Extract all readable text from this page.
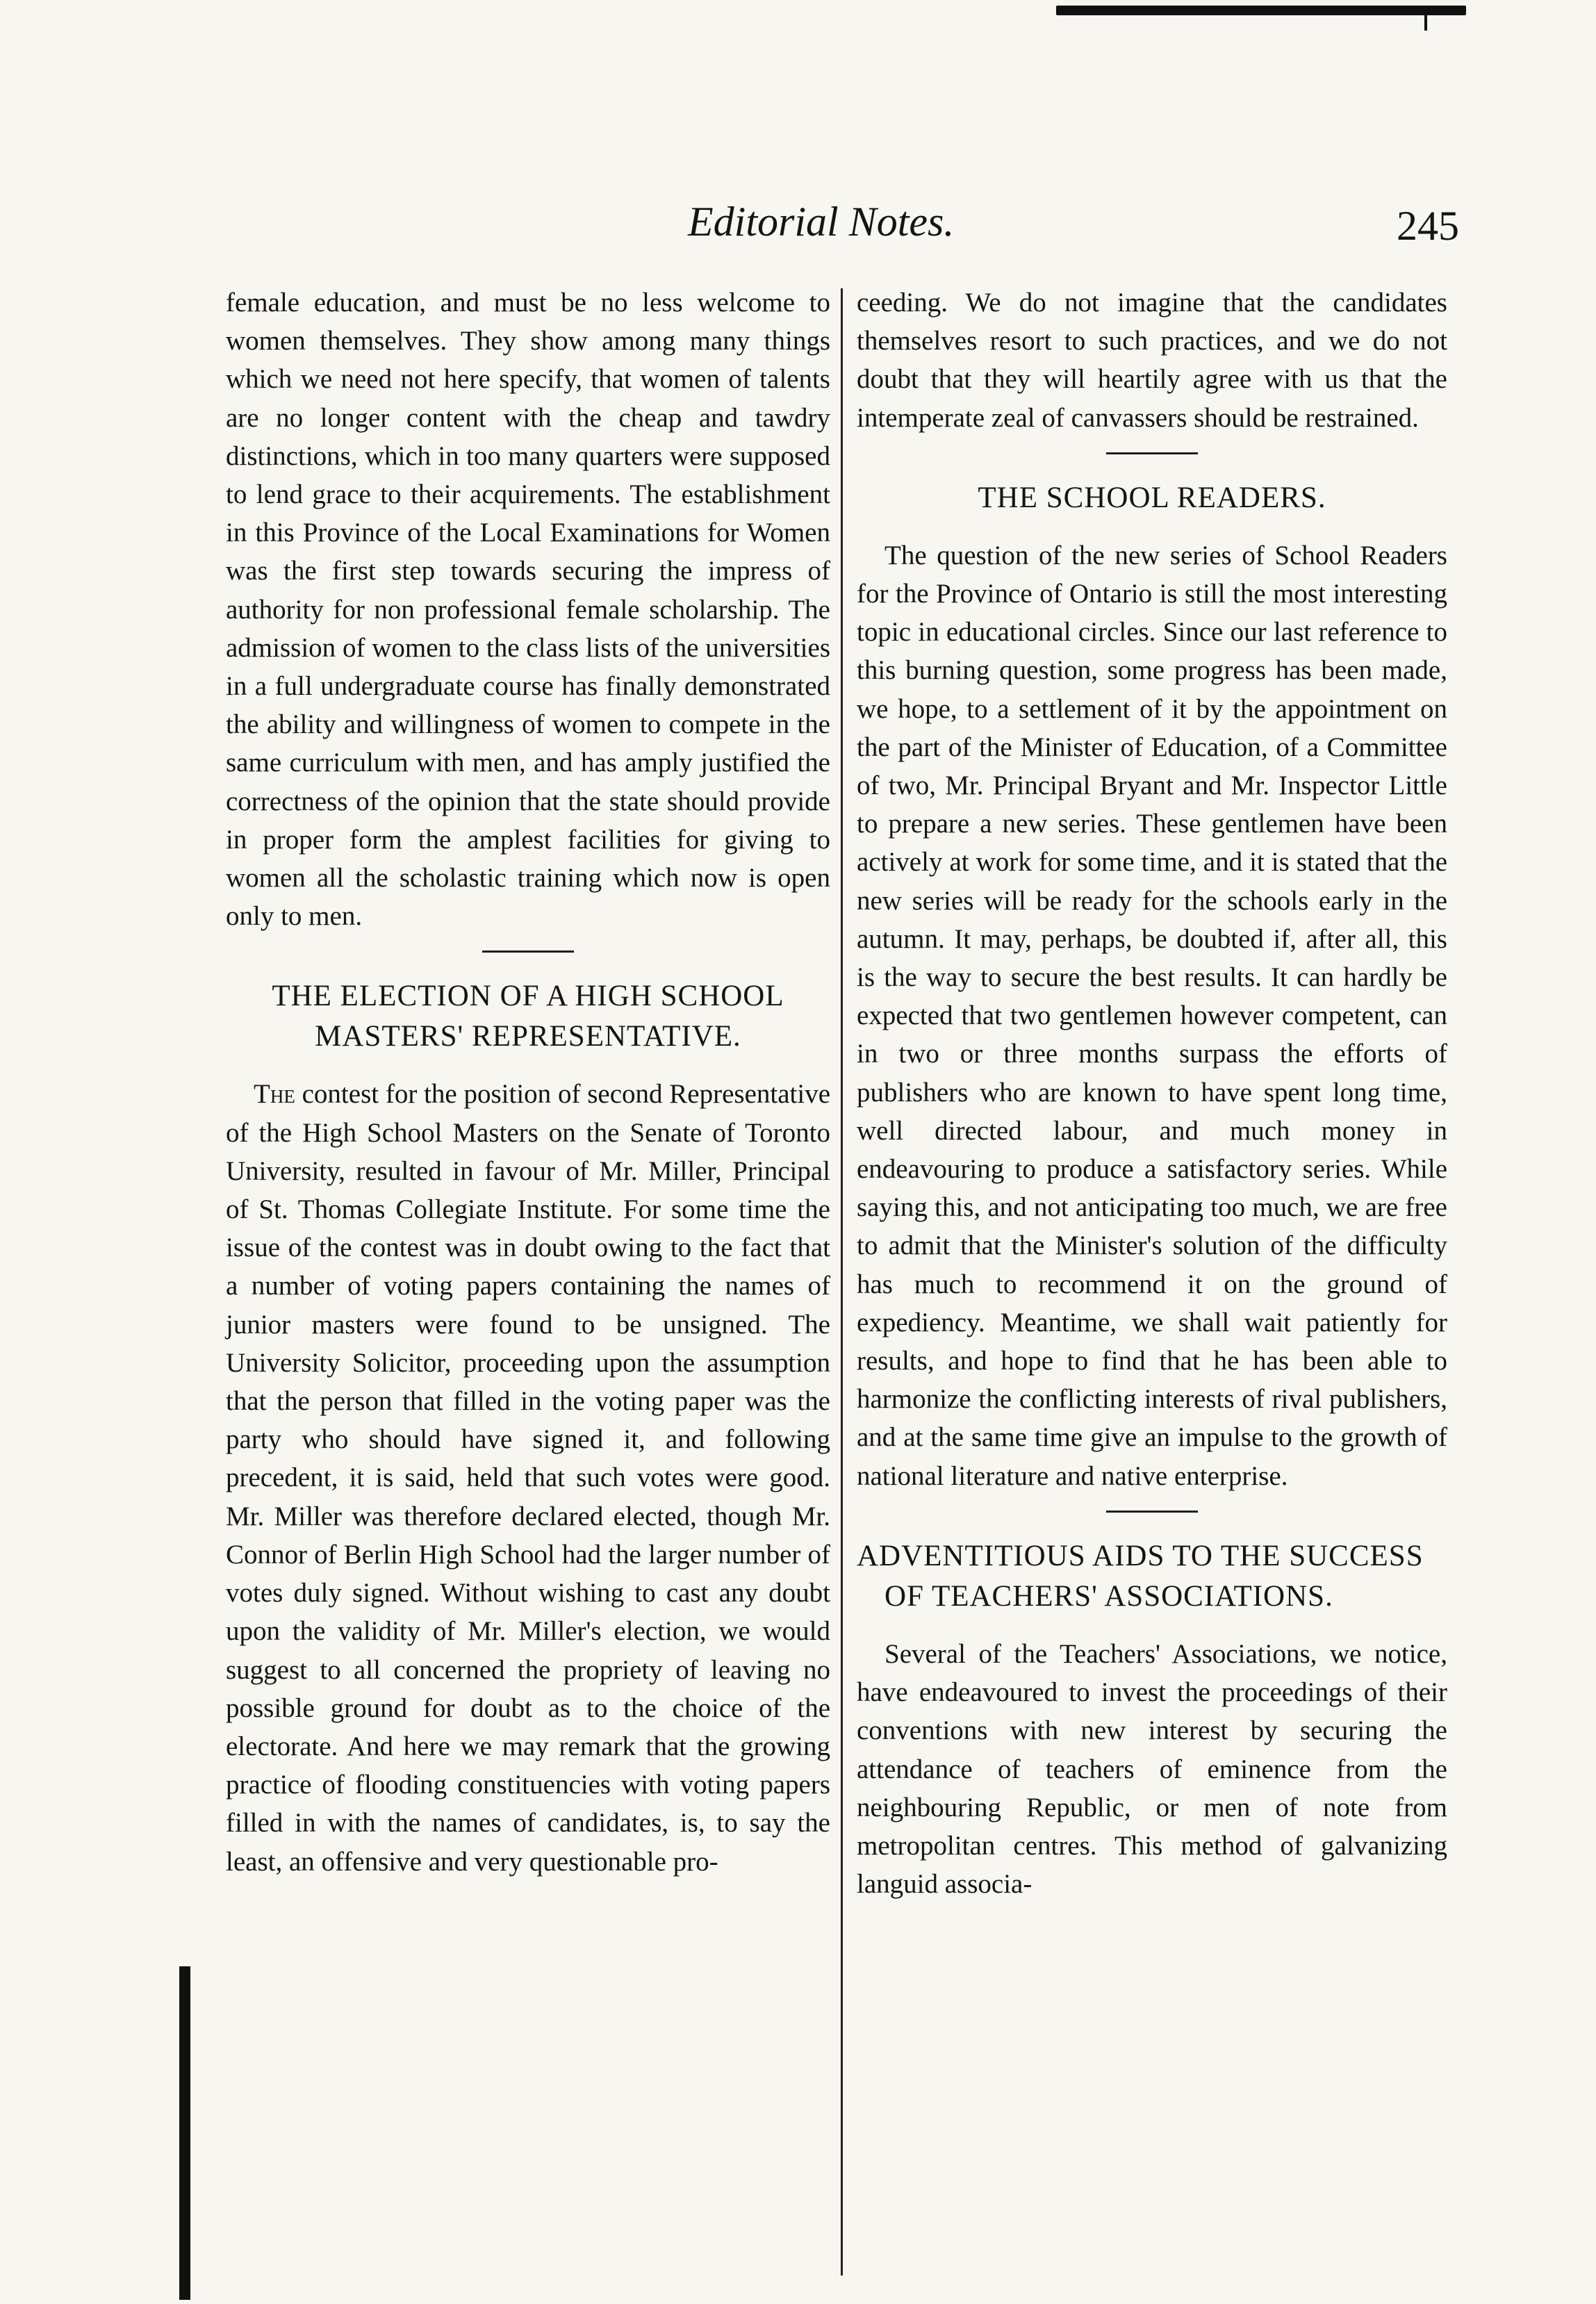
Editorial Notes.	245

female education, and must be no less welcome to women themselves. They show among many things which we need not here specify, that women of talents are no longer content with the cheap and tawdry distinctions, which in too many quarters were supposed to lend grace to their acquirements. The establishment in this Province of the Local Examinations for Women was the first step towards securing the impress of authority for non professional female scholarship. The admission of women to the class lists of the universities in a full undergraduate course has finally demonstrated the ability and willingness of women to compete in the same curriculum with men, and has amply justified the correctness of the opinion that the state should provide in proper form the amplest facilities for giving to women all the scholastic training which now is open only to men.

THE ELECTION OF A HIGH SCHOOL MASTERS' REPRESENTATIVE.

The contest for the position of second Representative of the High School Masters on the Senate of Toronto University, resulted in favour of Mr. Miller, Principal of St. Thomas Collegiate Institute. For some time the issue of the contest was in doubt owing to the fact that a number of voting papers containing the names of junior masters were found to be unsigned. The University Solicitor, proceeding upon the assumption that the person that filled in the voting paper was the party who should have signed it, and following precedent, it is said, held that such votes were good. Mr. Miller was therefore declared elected, though Mr. Connor of Berlin High School had the larger number of votes duly signed. Without wishing to cast any doubt upon the validity of Mr. Miller's election, we would suggest to all concerned the propriety of leaving no possible ground for doubt as to the choice of the electorate. And here we may remark that the growing practice of flooding constituencies with voting papers filled in with the names of candidates, is, to say the least, an offensive and very questionable pro-

ceeding. We do not imagine that the candidates themselves resort to such practices, and we do not doubt that they will heartily agree with us that the intemperate zeal of canvassers should be restrained.

THE SCHOOL READERS.

The question of the new series of School Readers for the Province of Ontario is still the most interesting topic in educational circles. Since our last reference to this burning question, some progress has been made, we hope, to a settlement of it by the appointment on the part of the Minister of Education, of a Committee of two, Mr. Principal Bryant and Mr. Inspector Little to prepare a new series. These gentlemen have been actively at work for some time, and it is stated that the new series will be ready for the schools early in the autumn. It may, perhaps, be doubted if, after all, this is the way to secure the best results. It can hardly be expected that two gentlemen however competent, can in two or three months surpass the efforts of publishers who are known to have spent long time, well directed labour, and much money in endeavouring to produce a satisfactory series. While saying this, and not anticipating too much, we are free to admit that the Minister's solution of the difficulty has much to recommend it on the ground of expediency. Meantime, we shall wait patiently for results, and hope to find that he has been able to harmonize the conflicting interests of rival publishers, and at the same time give an impulse to the growth of national literature and native enterprise.

ADVENTITIOUS AIDS TO THE SUCCESS OF TEACHERS' ASSOCIATIONS.

Several of the Teachers' Associations, we notice, have endeavoured to invest the proceedings of their conventions with new interest by securing the attendance of teachers of eminence from the neighbouring Republic, or men of note from metropolitan centres. This method of galvanizing languid associa-
